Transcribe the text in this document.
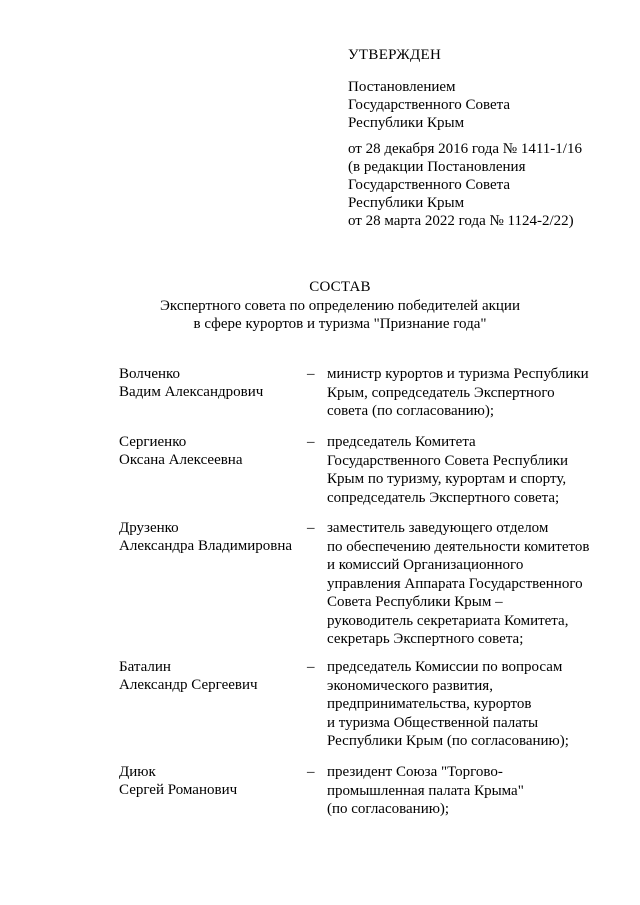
УТВЕРЖДЕН
Постановлением
Государственного Совета
Республики Крым
от 28 декабря 2016 года № 1411-1/16
(в редакции Постановления
Государственного Совета
Республики Крым
от 28 марта 2022 года № 1124-2/22)
СОСТАВ
Экспертного совета по определению победителей акции
в сфере курортов и туризма "Признание года"
Волченко
Вадим Александрович
– министр курортов и туризма Республики
Крым, сопредседатель Экспертного
совета (по согласованию);
Сергиенко
Оксана Алексеевна
– председатель Комитета
Государственного Совета Республики
Крым по туризму, курортам и спорту,
сопредседатель Экспертного совета;
Друзенко
Александра Владимировна
– заместитель заведующего отделом
по обеспечению деятельности комитетов
и комиссий Организационного
управления Аппарата Государственного
Совета Республики Крым –
руководитель секретариата Комитета,
секретарь Экспертного совета;
Баталин
Александр Сергеевич
– председатель Комиссии по вопросам
экономического развития,
предпринимательства, курортов
и туризма Общественной палаты
Республики Крым (по согласованию);
Диюк
Сергей Романович
– президент Союза "Торгово-
промышленная палата Крыма"
(по согласованию);
